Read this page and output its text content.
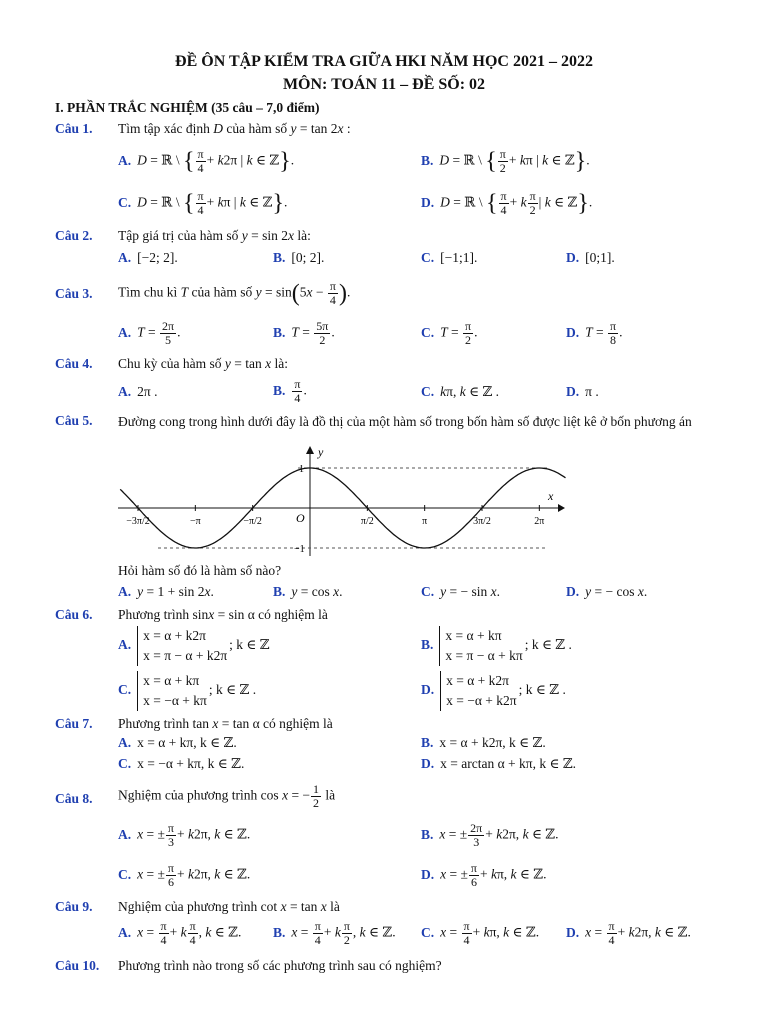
ĐỀ ÔN TẬP KIỂM TRA GIỮA HKI NĂM HỌC 2021 – 2022
MÔN: TOÁN 11 – ĐỀ SỐ: 02
I. PHẦN TRẮC NGHIỆM (35 câu – 7,0 điểm)
Câu 1. Tìm tập xác định D của hàm số y = tan 2x :
A. D = ℝ \ { $\frac{\pi}{4} + k2\pi$ | k ∈ ℤ}.	B. D = ℝ \ { $\frac{\pi}{2} + k\pi$ | k ∈ ℤ}.
C. D = ℝ \ { $\frac{\pi}{4} + k\pi$ | k ∈ ℤ}.	D. D = ℝ \ { $\frac{\pi}{4} + k \frac{\pi}{2}$ | k ∈ ℤ}.
Câu 2. Tập giá trị của hàm số y = sin 2x là:
A. [−2; 2].	B. [0; 2].	C. [−1;1].	D. [0;1].
Câu 3. Tìm chu kì T của hàm số $y = \sin(5x - \frac{\pi}{4}$ ).
A. $T = \frac{2\pi}{5}$ .	B. $T = \frac{5\pi}{2}$ .	C. $T = \frac{\pi}{2}$ .	D. $T = \frac{\pi}{8}$ .
Câu 4. Chu kỳ của hàm số y = tan x là:
A. 2π .	B. $\frac{\pi}{4}$ .	C. kπ, k ∈ ℤ .	D. π .
Câu 5. Đường cong trong hình dưới đây là đồ thị của một hàm số trong bốn hàm số được liệt kê ở bốn phương án
x
y
O
1
−1
−3π/2	−π	−π/2	π/2	π	3π/2	2π
Hỏi hàm số đó là hàm số nào?
A. y = 1 + sin 2x.	B. y = cos x.	C. y = − sin x.	D. y = − cos x.
Câu 6. Phương trình sinx = sin α có nghiệm là
A.x = α + k2π
x = π − α + k2π; k ∈ ℤ	B.x = α + kπ
x = π − α + kπ; k ∈ ℤ .
C.x = α + kπ
x = −α + kπ; k ∈ ℤ .	D.x = α + k2π
x = −α + k2π; k ∈ ℤ .
Câu 7. Phương trình tan x = tan α có nghiệm là
A. x = α + kπ, k ∈ ℤ.	B. x = α + k2π, k ∈ ℤ.
C. x = −α + kπ, k ∈ ℤ.	D. x = arctan α + kπ, k ∈ ℤ.
Câu 8. Nghiệm của phương trình cos x = − $\frac{1}{2}$ là
A. x = ± $\frac{\pi}{3} + k2\pi$, k ∈ ℤ.	B. x = ± $\frac{2\pi}{3} + k2\pi$, k ∈ ℤ.
C. x = ± $\frac{\pi}{6} + k2\pi$, k ∈ ℤ.	D. x = ± $\frac{\pi}{6} + k\pi$, k ∈ ℤ.
Câu 9. Nghiệm của phương trình cot x = tan x là
A. $x = \frac{\pi}{4} + k \frac{\pi}{4}$ , k ∈ ℤ. B. $x = \frac{\pi}{4} + k \frac{\pi}{2}$ , k ∈ ℤ. C. $x = \frac{\pi}{4} + k\pi$, k ∈ ℤ. D. $x = \frac{\pi}{4} + k2\pi$, k ∈ ℤ.
Câu 10. Phương trình nào trong số các phương trình sau có nghiệm?
